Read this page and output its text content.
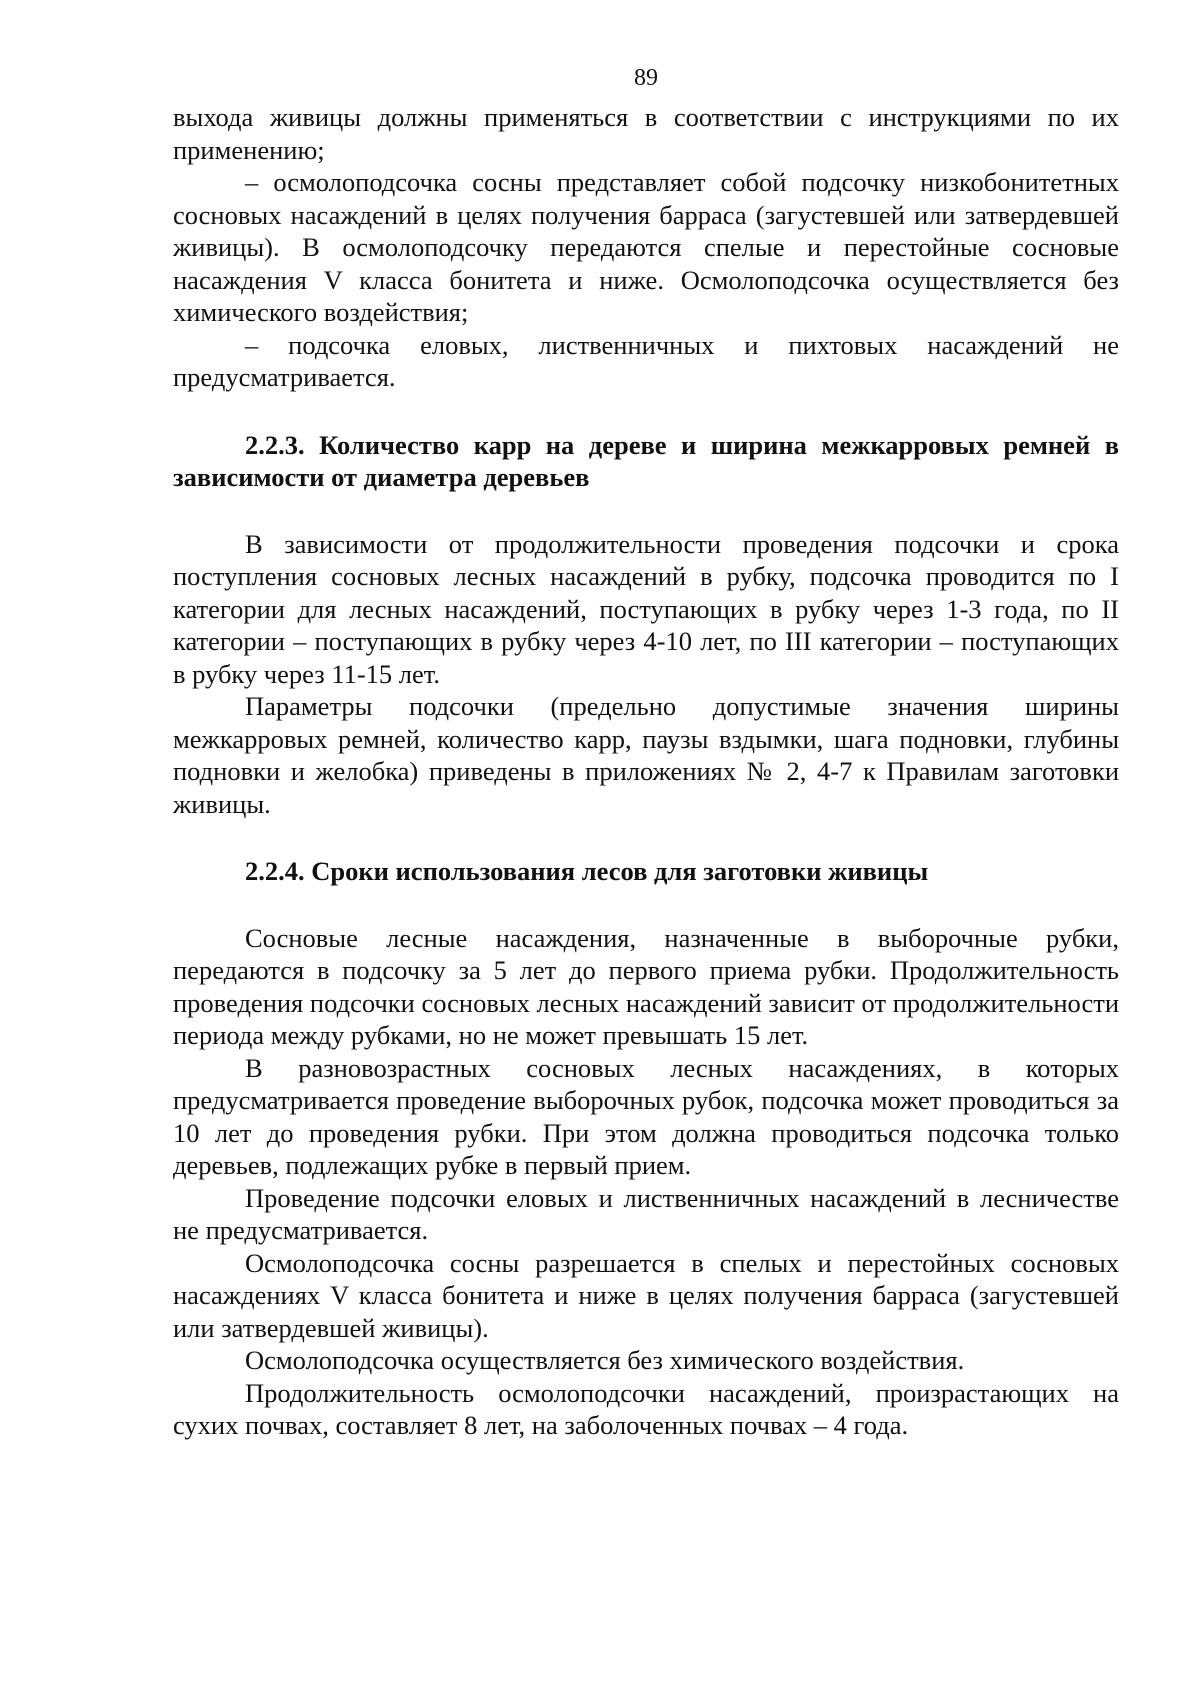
89

выхода живицы должны применяться в соответствии с инструкциями по их применению;

– осмолоподсочка сосны представляет собой подсочку низкобонитетных сосновых насаждений в целях получения барраса (загустевшей или затвердевшей живицы). В осмолоподсочку передаются спелые и перестойные сосновые насаждения V класса бонитета и ниже. Осмолоподсочка осуществляется без химического воздействия;

– подсочка еловых, лиственничных и пихтовых насаждений не предусматривается.

2.2.3. Количество карр на дереве и ширина межкарровых ремней в зависимости от диаметра деревьев

В зависимости от продолжительности проведения подсочки и срока поступления сосновых лесных насаждений в рубку, подсочка проводится по I категории для лесных насаждений, поступающих в рубку через 1-3 года, по II категории – поступающих в рубку через 4-10 лет, по III категории – поступающих в рубку через 11-15 лет.

Параметры подсочки (предельно допустимые значения ширины межкарровых ремней, количество карр, паузы вздымки, шага подновки, глубины подновки и желобка) приведены в приложениях № 2, 4-7 к Правилам заготовки живицы.

2.2.4. Сроки использования лесов для заготовки живицы

Сосновые лесные насаждения, назначенные в выборочные рубки, передаются в подсочку за 5 лет до первого приема рубки. Продолжительность проведения подсочки сосновых лесных насаждений зависит от продолжительности периода между рубками, но не может превышать 15 лет.

В разновозрастных сосновых лесных насаждениях, в которых предусматривается проведение выборочных рубок, подсочка может проводиться за 10 лет до проведения рубки. При этом должна проводиться подсочка только деревьев, подлежащих рубке в первый прием.

Проведение подсочки еловых и лиственничных насаждений в лесничестве не предусматривается.

Осмолоподсочка сосны разрешается в спелых и перестойных сосновых насаждениях V класса бонитета и ниже в целях получения барраса (загустевшей или затвердевшей живицы).

Осмолоподсочка осуществляется без химического воздействия.

Продолжительность осмолоподсочки насаждений, произрастающих на сухих почвах, составляет 8 лет, на заболоченных почвах – 4 года.
